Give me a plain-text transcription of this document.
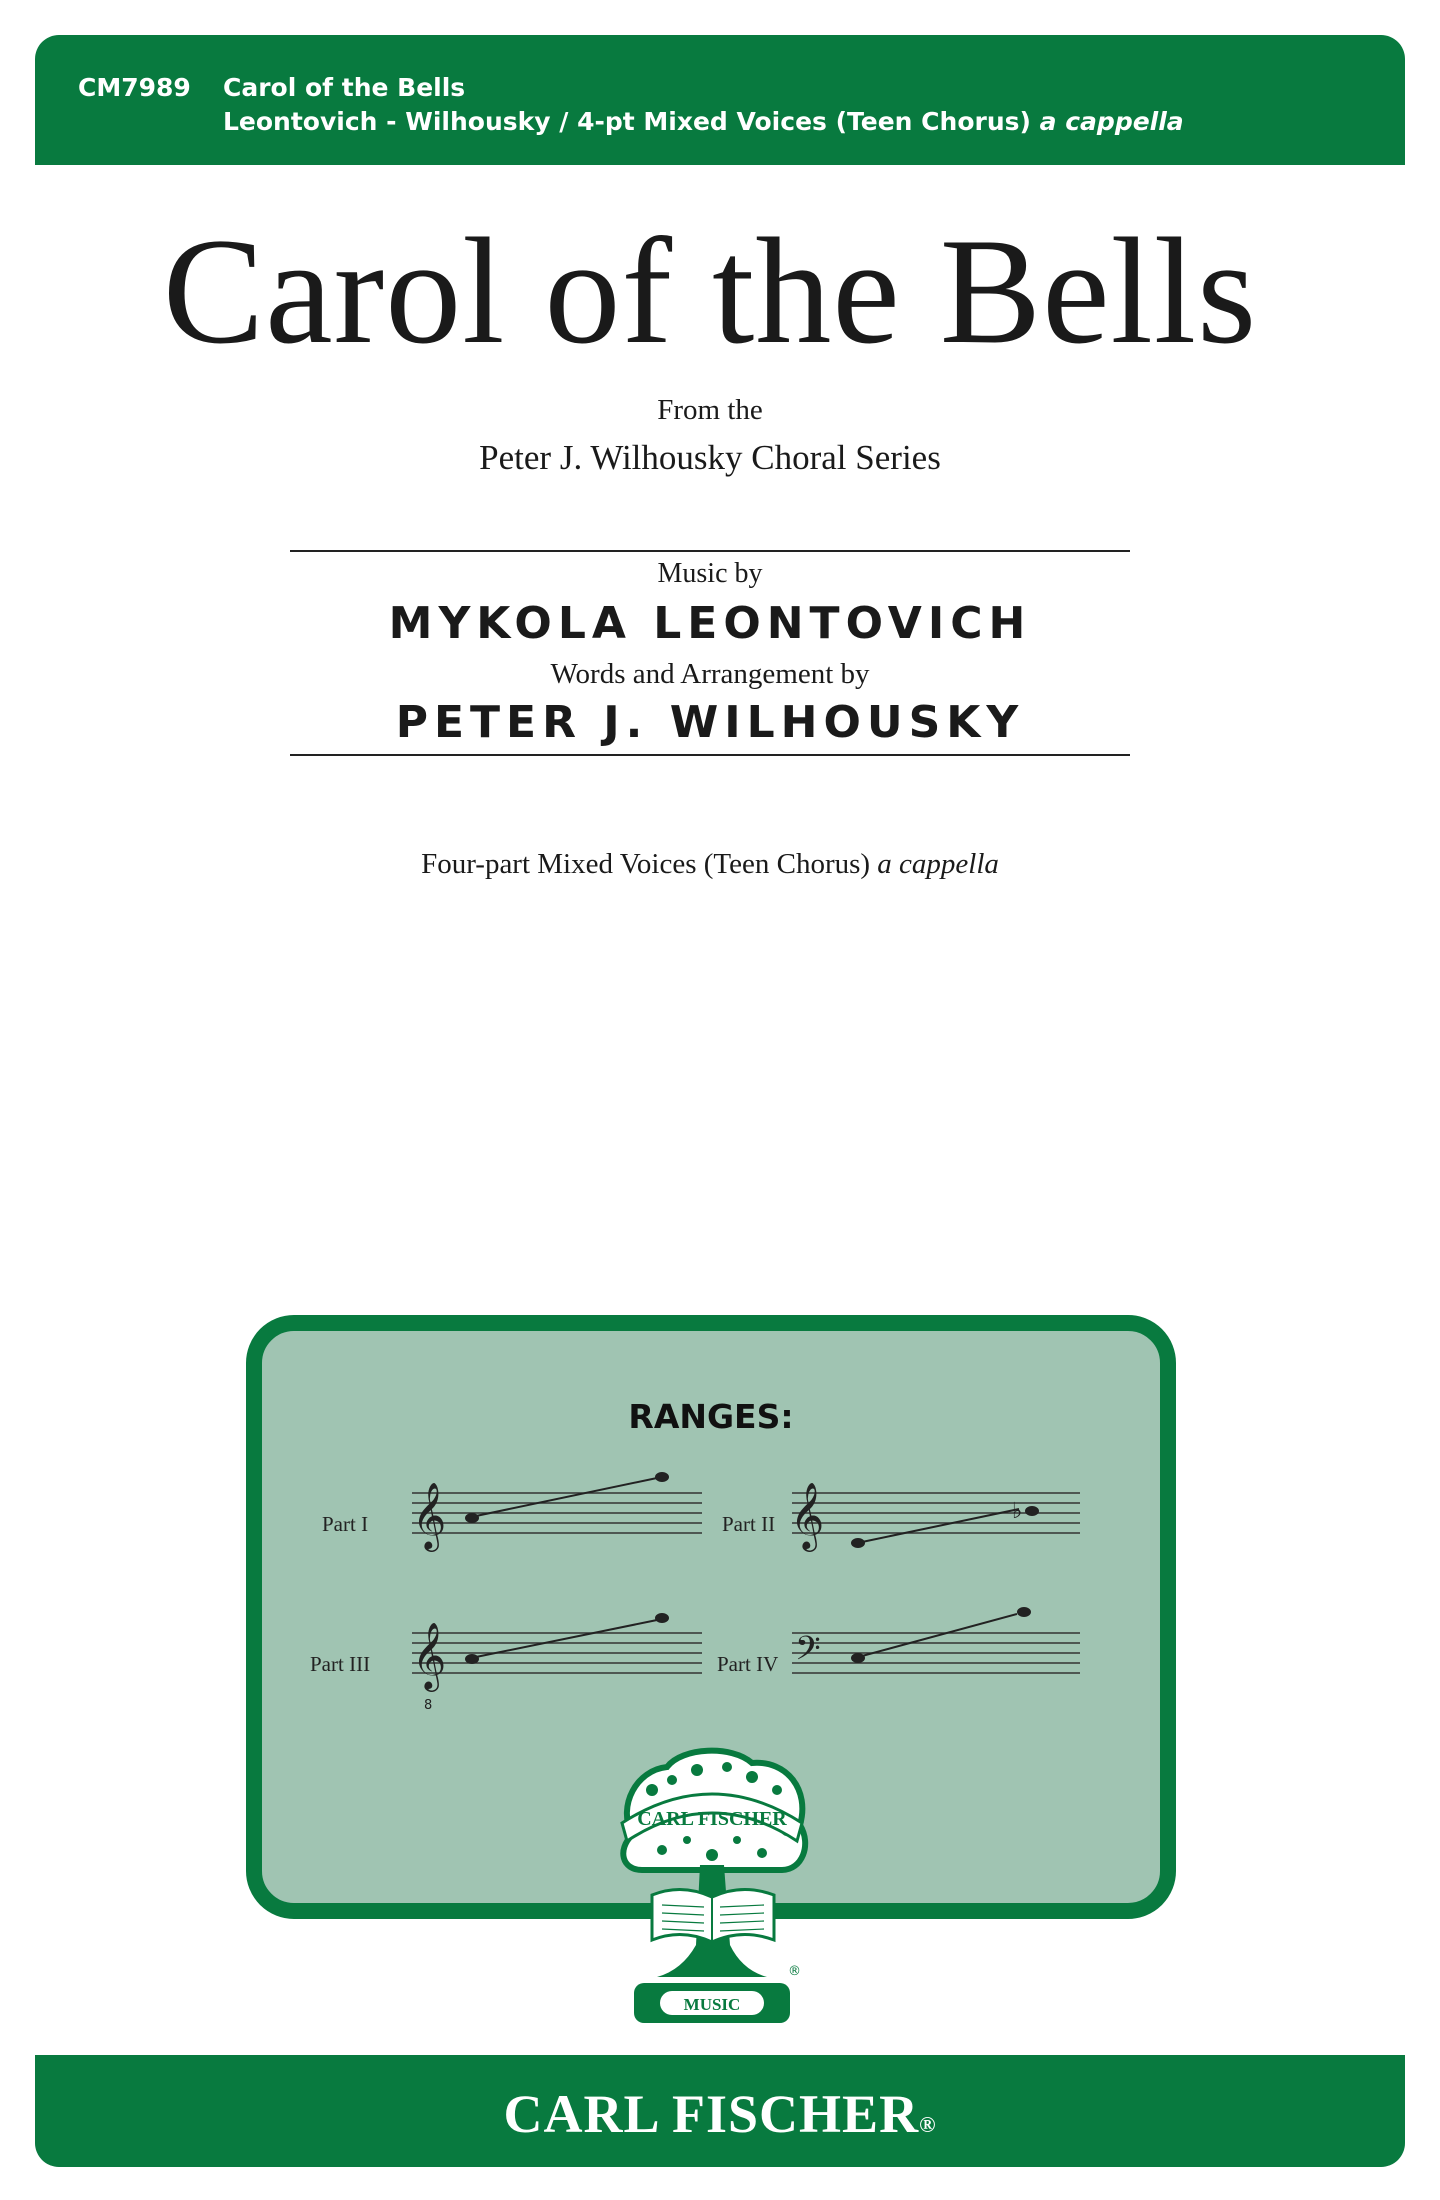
CM7989 Carol of the Bells
Leontovich - Wilhousky / 4-pt Mixed Voices (Teen Chorus) a cappella
Carol of the Bells
From the
Peter J. Wilhousky Choral Series
Music by
MYKOLA LEONTOVICH
Words and Arrangement by
PETER J. WILHOUSKY
Four-part Mixed Voices (Teen Chorus) a cappella
RANGES:
Part I 𝄞	Part II 𝄞	♭
Part III 𝄞
8
Part IV 𝄢
CARL FISCHER
MUSIC
®
CARL FISCHER®
